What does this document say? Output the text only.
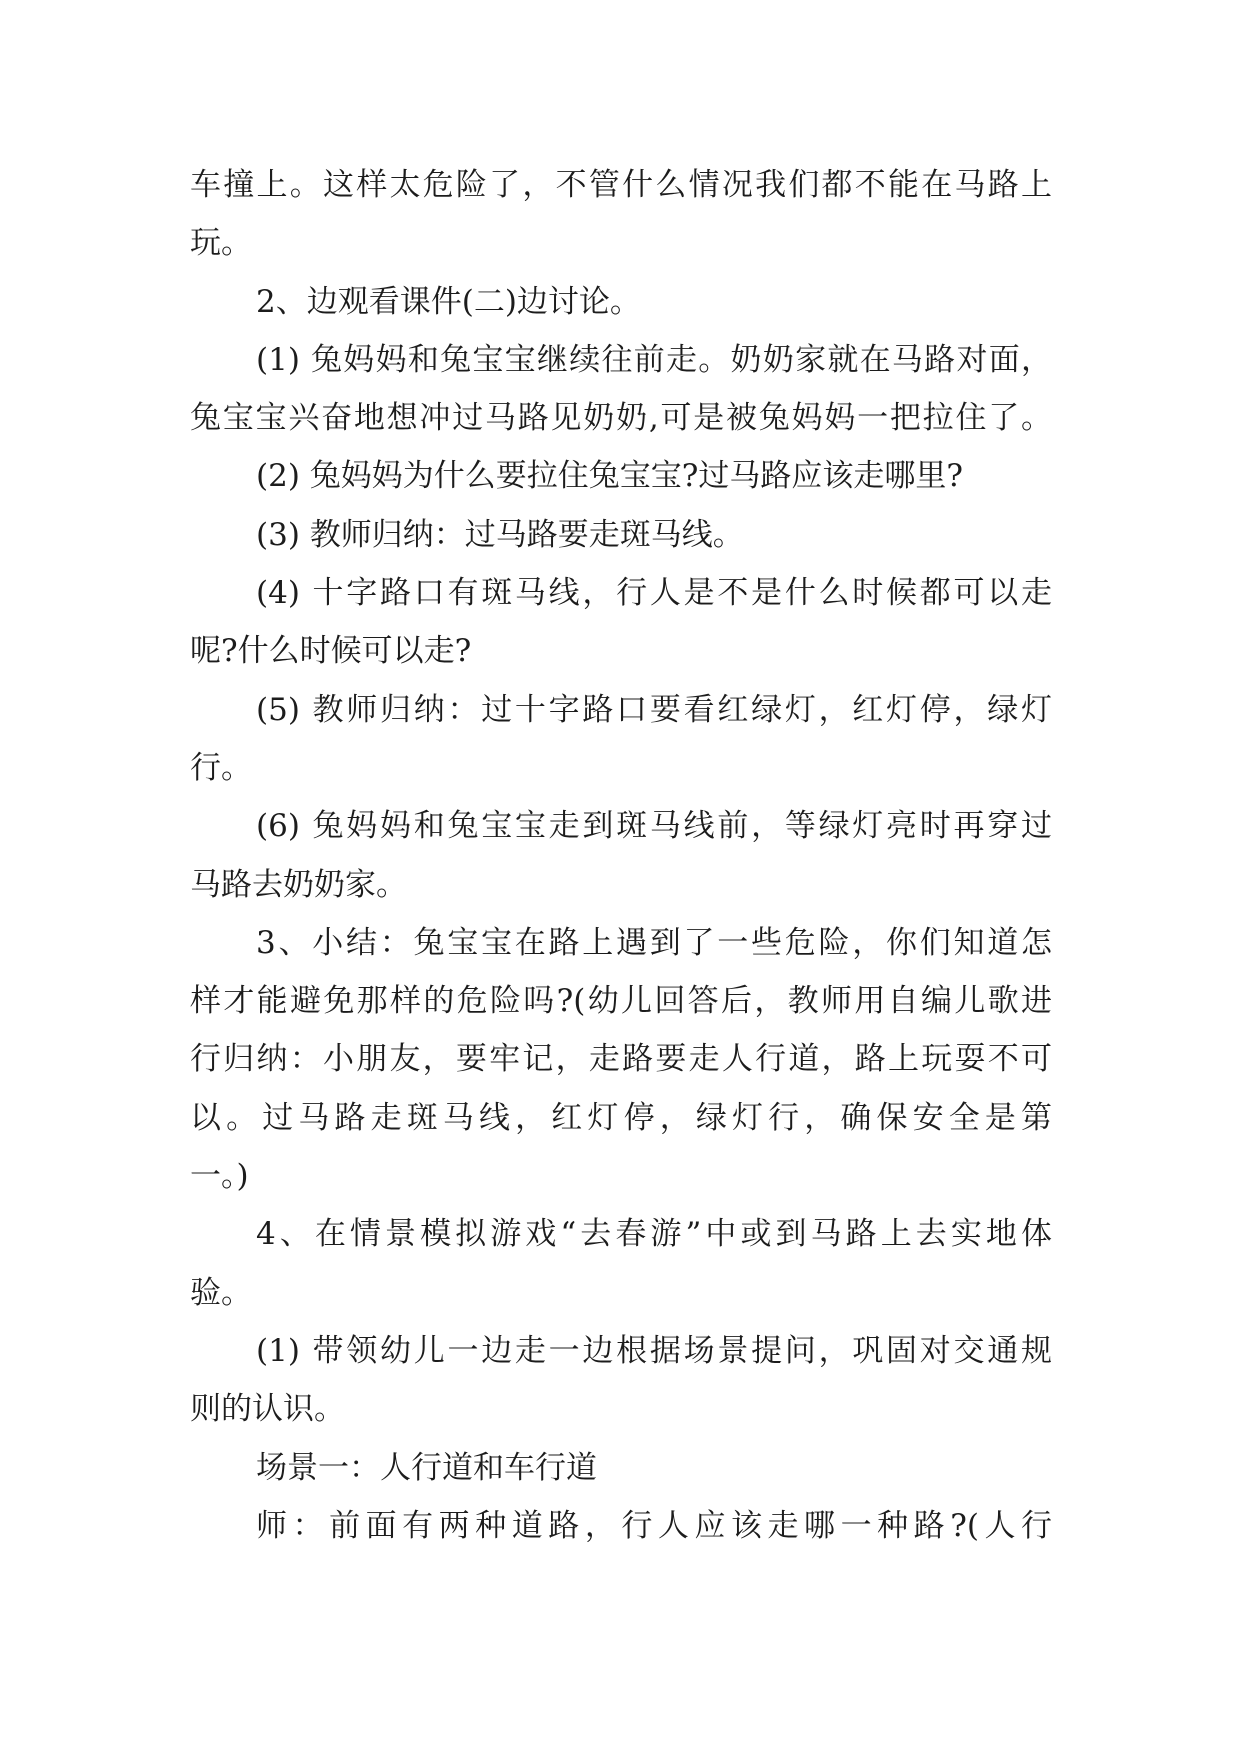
车撞上。这样太危险了，不管什么情况我们都不能在马路上
玩。
2、边观看课件(二)边讨论。
(1) 兔妈妈和兔宝宝继续往前走。奶奶家就在马路对面，
兔宝宝兴奋地想冲过马路见奶奶,可是被兔妈妈一把拉住了。
(2) 兔妈妈为什么要拉住兔宝宝?过马路应该走哪里?
(3) 教师归纳：过马路要走斑马线。
(4) 十字路口有斑马线，行人是不是什么时候都可以走
呢?什么时候可以走?
(5) 教师归纳：过十字路口要看红绿灯，红灯停，绿灯
行。
(6) 兔妈妈和兔宝宝走到斑马线前，等绿灯亮时再穿过
马路去奶奶家。
3、小结：兔宝宝在路上遇到了一些危险，你们知道怎
样才能避免那样的危险吗?(幼儿回答后，教师用自编儿歌进
行归纳：小朋友，要牢记，走路要走人行道，路上玩耍不可
以。过马路走斑马线，红灯停，绿灯行，确保安全是第
一。)
4、在情景模拟游戏“去春游”中或到马路上去实地体
验。
(1) 带领幼儿一边走一边根据场景提问，巩固对交通规
则的认识。
场景一：人行道和车行道
师：前面有两种道路，行人应该走哪一种路?(人行
